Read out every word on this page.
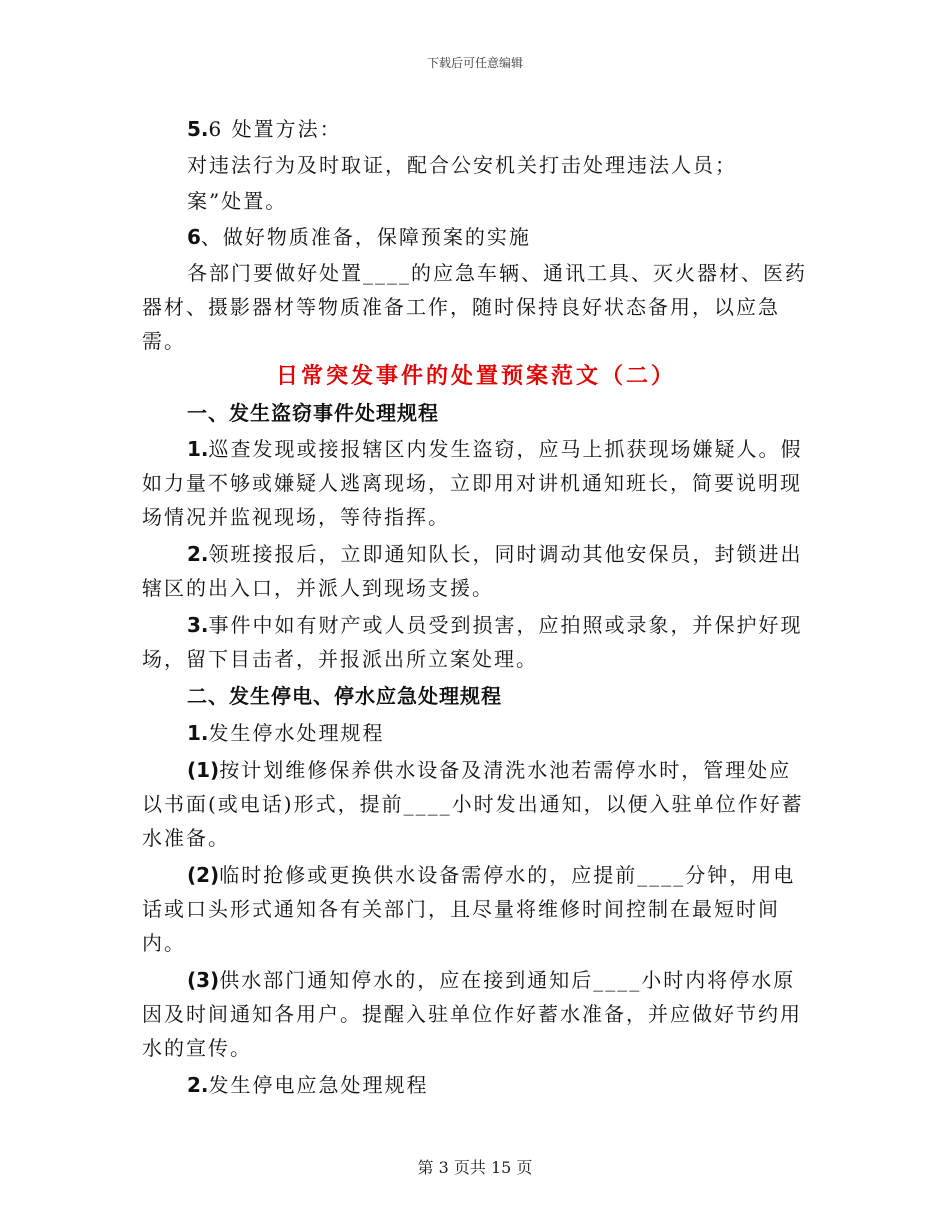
下载后可任意编辑

5.6 处置方法：

对违法行为及时取证，配合公安机关打击处理违法人员；

案”处置。

6、做好物质准备，保障预案的实施

各部门要做好处置____的应急车辆、通讯工具、灭火器材、医药器材、摄影器材等物质准备工作，随时保持良好状态备用，以应急需。

日常突发事件的处置预案范文（二）

一、发生盗窃事件处理规程

1.巡查发现或接报辖区内发生盗窃，应马上抓获现场嫌疑人。假如力量不够或嫌疑人逃离现场，立即用对讲机通知班长，简要说明现场情况并监视现场，等待指挥。

2.领班接报后，立即通知队长，同时调动其他安保员，封锁进出辖区的出入口，并派人到现场支援。

3.事件中如有财产或人员受到损害，应拍照或录象，并保护好现场，留下目击者，并报派出所立案处理。

二、发生停电、停水应急处理规程

1.发生停水处理规程

(1)按计划维修保养供水设备及清洗水池若需停水时，管理处应以书面(或电话)形式，提前____小时发出通知，以便入驻单位作好蓄水准备。

(2)临时抢修或更换供水设备需停水的，应提前____分钟，用电话或口头形式通知各有关部门，且尽量将维修时间控制在最短时间内。

(3)供水部门通知停水的，应在接到通知后____小时内将停水原因及时间通知各用户。提醒入驻单位作好蓄水准备，并应做好节约用水的宣传。

2.发生停电应急处理规程

第 3 页共 15 页
